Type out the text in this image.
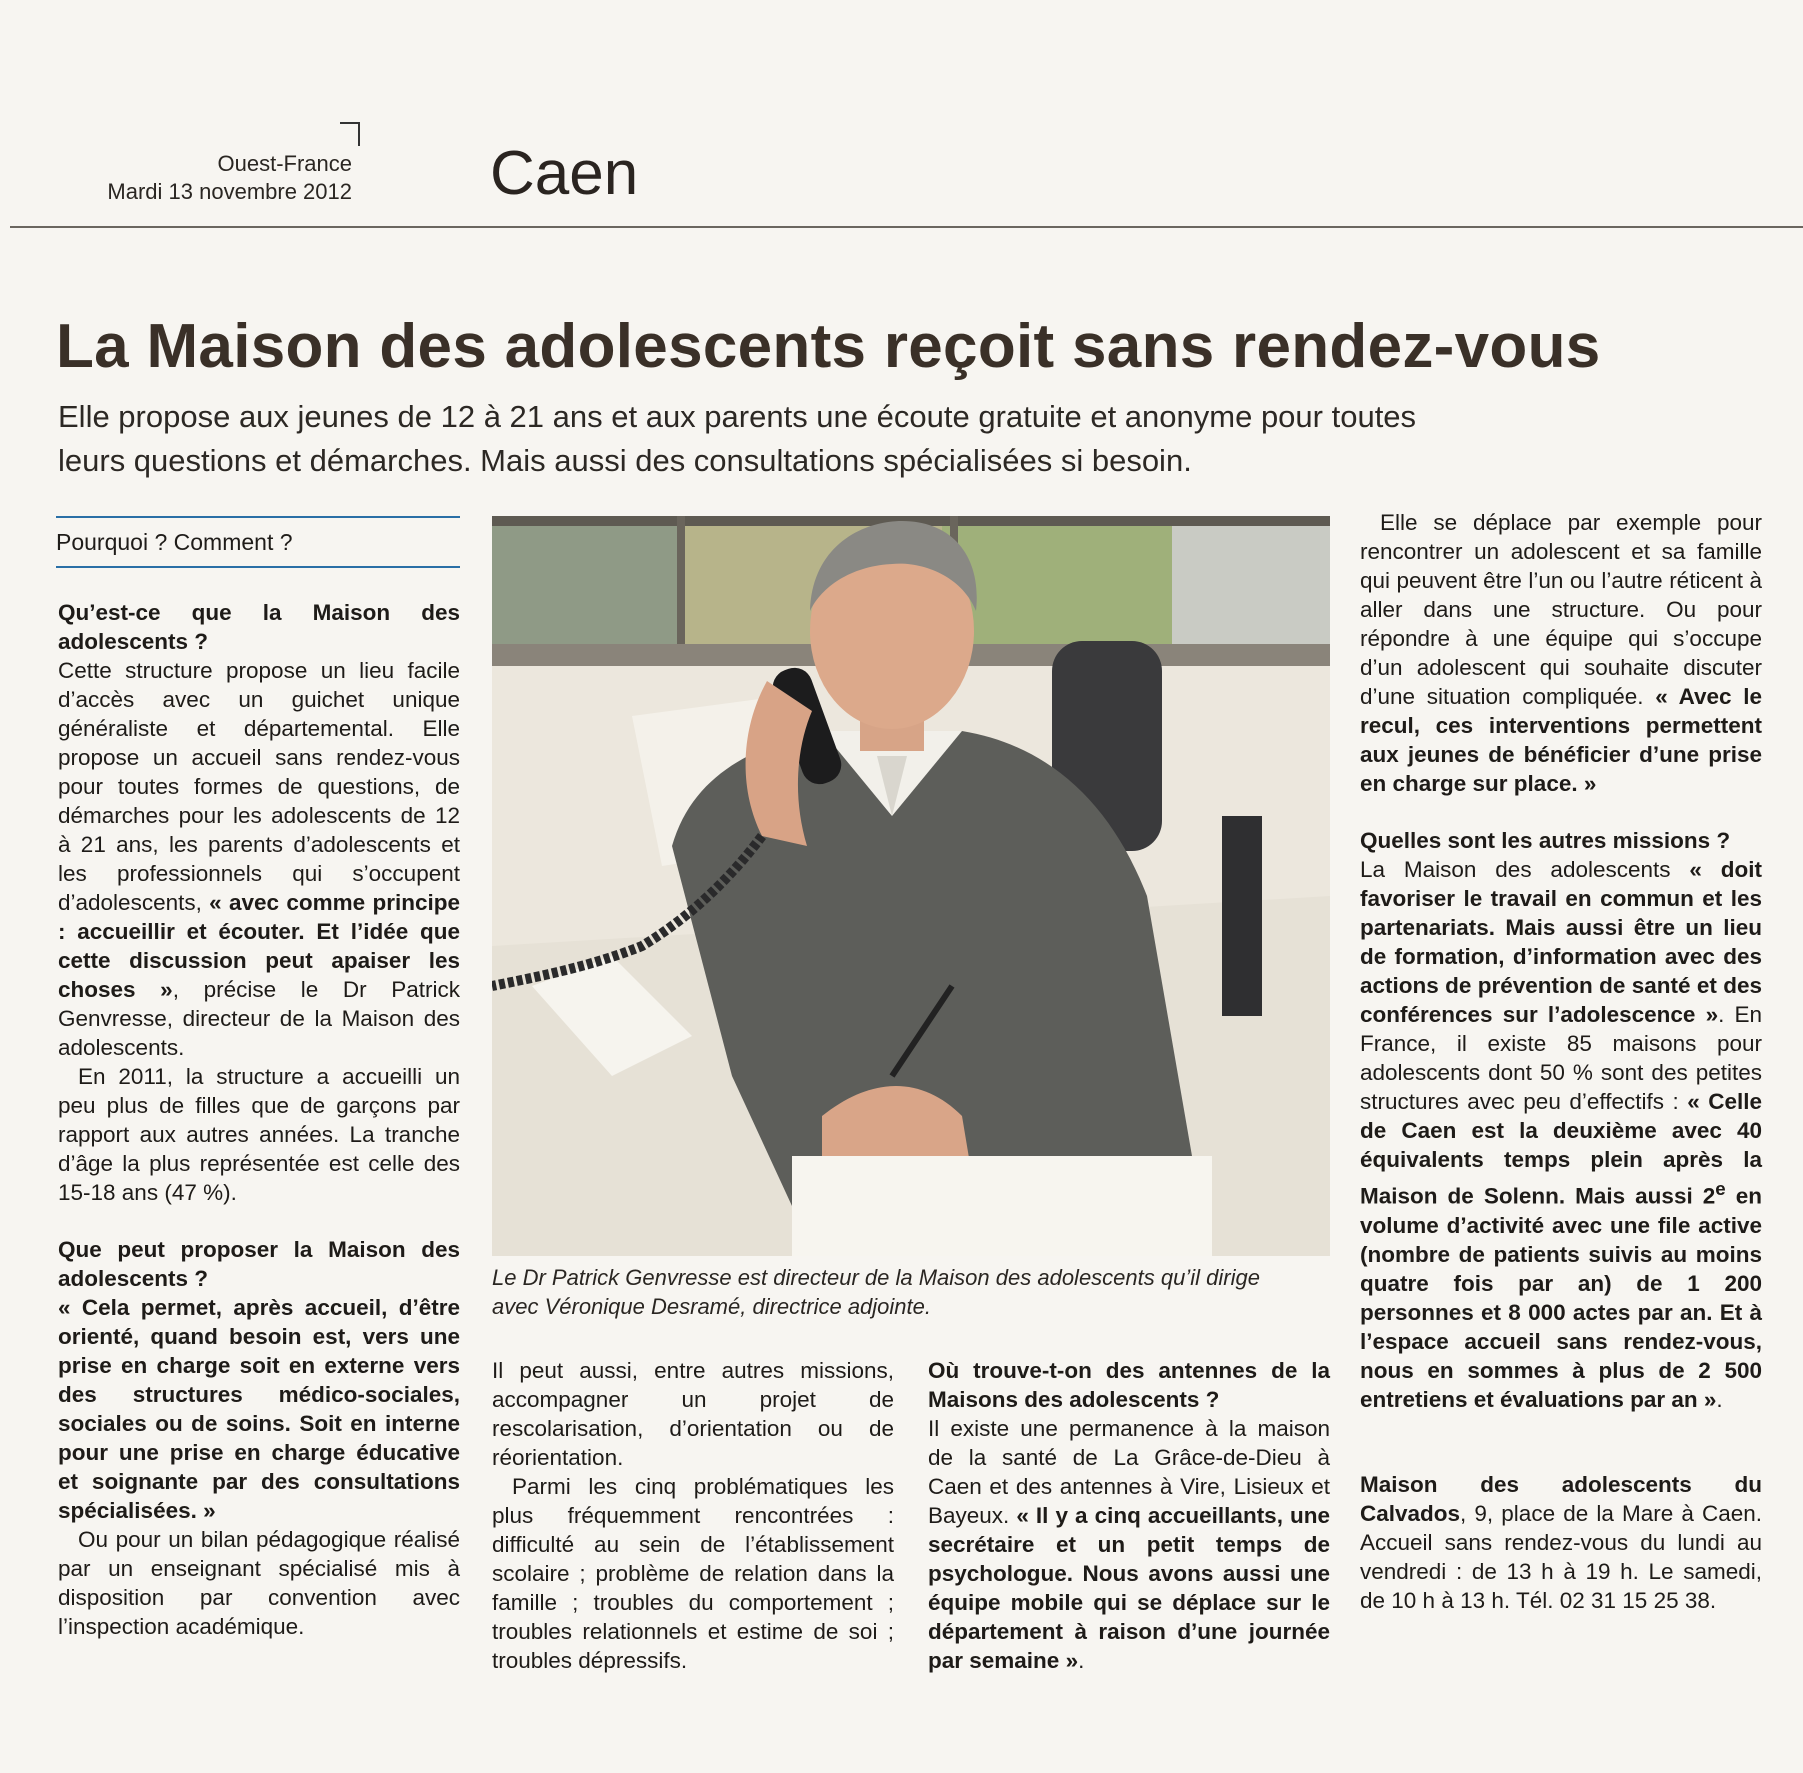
Ouest-France
Mardi 13 novembre 2012 Caen
La Maison des adolescents reçoit sans rendez-vous
Elle propose aux jeunes de 12 à 21 ans et aux parents une écoute gratuite et anonyme pour toutes
leurs questions et démarches. Mais aussi des consultations spécialisées si besoin.
Pourquoi ? Comment ?

Qu’est-ce que la Maison des adolescents ?

Cette structure propose un lieu facile d’accès avec un guichet unique généraliste et départemental. Elle propose un accueil sans rendez-vous pour toutes formes de questions, de démarches pour les adolescents de 12 à 21 ans, les parents d’adolescents et les professionnels qui s’occupent d’adolescents, « avec comme principe : accueillir et écouter. Et l’idée que cette discussion peut apaiser les choses », précise le Dr Patrick Genvresse, directeur de la Maison des adolescents.

En 2011, la structure a accueilli un peu plus de filles que de garçons par rapport aux autres années. La tranche d’âge la plus représentée est celle des 15-18 ans (47 %).

Que peut proposer la Maison des adolescents ?

« Cela permet, après accueil, d’être orienté, quand besoin est, vers une prise en charge soit en externe vers des structures médico-sociales, sociales ou de soins. Soit en interne pour une prise en charge éducative et soignante par des consultations spécialisées. »

Ou pour un bilan pédagogique réalisé par un enseignant spécialisé mis à disposition par convention avec l’inspection académique.

Le Dr Patrick Genvresse est directeur de la Maison des adolescents qu’il dirige
avec Véronique Desramé, directrice adjointe.

Il peut aussi, entre autres missions, accompagner un projet de rescolarisation, d’orientation ou de réorientation.

Parmi les cinq problématiques les plus fréquemment rencontrées : difficulté au sein de l’établissement scolaire ; problème de relation dans la famille ; troubles du comportement ; troubles relationnels et estime de soi ; troubles dépressifs.

Où trouve-t-on des antennes de la Maisons des adolescents ?

Il existe une permanence à la maison de la santé de La Grâce-de-Dieu à Caen et des antennes à Vire, Lisieux et Bayeux. « Il y a cinq accueillants, une secrétaire et un petit temps de psychologue. Nous avons aussi une équipe mobile qui se déplace sur le département à raison d’une journée par semaine ».

Elle se déplace par exemple pour rencontrer un adolescent et sa famille qui peuvent être l’un ou l’autre réticent à aller dans une structure. Ou pour répondre à une équipe qui s’occupe d’un adolescent qui souhaite discuter d’une situation compliquée. « Avec le recul, ces interventions permettent aux jeunes de bénéficier d’une prise en charge sur place. »

Quelles sont les autres missions ?

La Maison des adolescents « doit favoriser le travail en commun et les partenariats. Mais aussi être un lieu de formation, d’information avec des actions de prévention de santé et des conférences sur l’adolescence ». En France, il existe 85 maisons pour adolescents dont 50 % sont des petites structures avec peu d’effectifs : « Celle de Caen est la deuxième avec 40 équivalents temps plein après la Maison de Solenn. Mais aussi 2e en volume d’activité avec une file active (nombre de patients suivis au moins quatre fois par an) de 1 200 personnes et 8 000 actes par an. Et à l’espace accueil sans rendez-vous, nous en sommes à plus de 2 500 entretiens et évaluations par an ».

Maison des adolescents du Calvados, 9, place de la Mare à Caen. Accueil sans rendez-vous du lundi au vendredi : de 13 h à 19 h. Le samedi, de 10 h à 13 h. Tél. 02 31 15 25 38.
